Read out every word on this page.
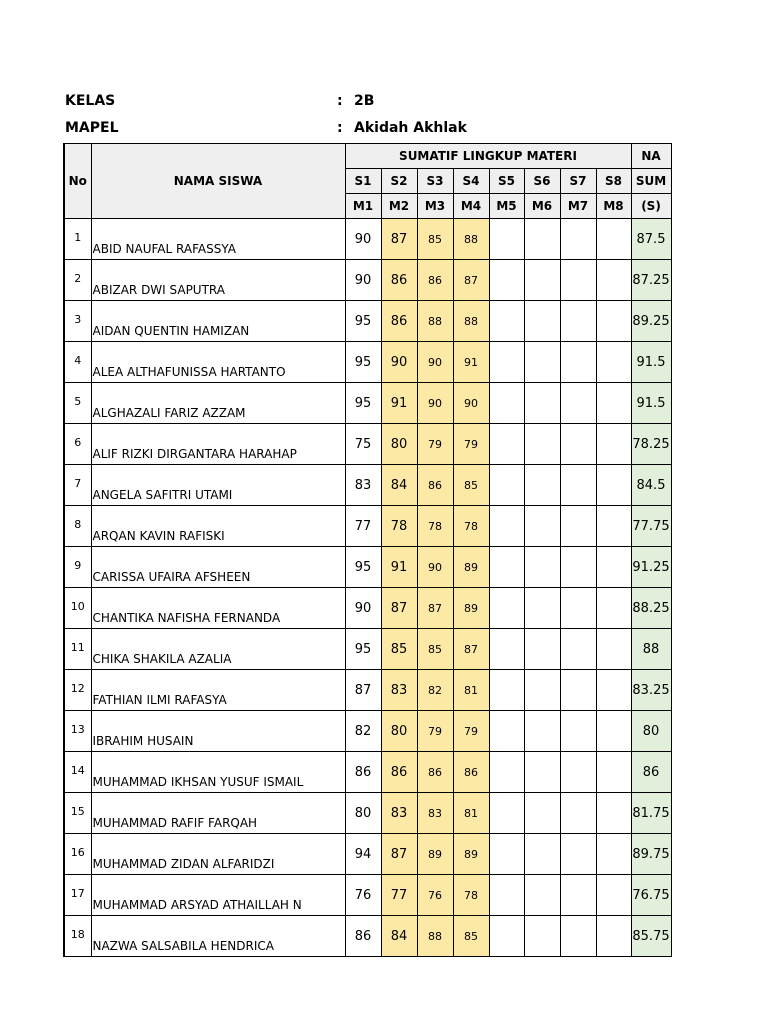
KELAS	: 2B
MAPEL	: Akidah Akhlak
No	NAMA SISWA	SUMATIF LINGKUP MATERI								NA
		S1	S2	S3	S4	S5	S6	S7	S8	SUM
		M1	M2	M3	M4	M5	M6	M7	M8	(S)
1	ABID NAUFAL RAFASSYA	90	87	85	88					87.5
2	ABIZAR DWI SAPUTRA	90	86	86	87					87.25
3	AIDAN QUENTIN HAMIZAN	95	86	88	88					89.25
4	ALEA ALTHAFUNISSA HARTANTO	95	90	90	91					91.5
5	ALGHAZALI FARIZ AZZAM	95	91	90	90					91.5
6	ALIF RIZKI DIRGANTARA HARAHAP	75	80	79	79					78.25
7	ANGELA SAFITRI UTAMI	83	84	86	85					84.5
8	ARQAN KAVIN RAFISKI	77	78	78	78					77.75
9	CARISSA UFAIRA AFSHEEN	95	91	90	89					91.25
10	CHANTIKA NAFISHA FERNANDA	90	87	87	89					88.25
11	CHIKA SHAKILA AZALIA	95	85	85	87					88
12	FATHIAN ILMI RAFASYA	87	83	82	81					83.25
13	IBRAHIM HUSAIN	82	80	79	79					80
14	MUHAMMAD IKHSAN YUSUF ISMAIL	86	86	86	86					86
15	MUHAMMAD RAFIF FARQAH	80	83	83	81					81.75
16	MUHAMMAD ZIDAN ALFARIDZI	94	87	89	89					89.75
17	MUHAMMAD ARSYAD ATHAILLAH N	76	77	76	78					76.75
18	NAZWA SALSABILA HENDRICA	86	84	88	85					85.75
